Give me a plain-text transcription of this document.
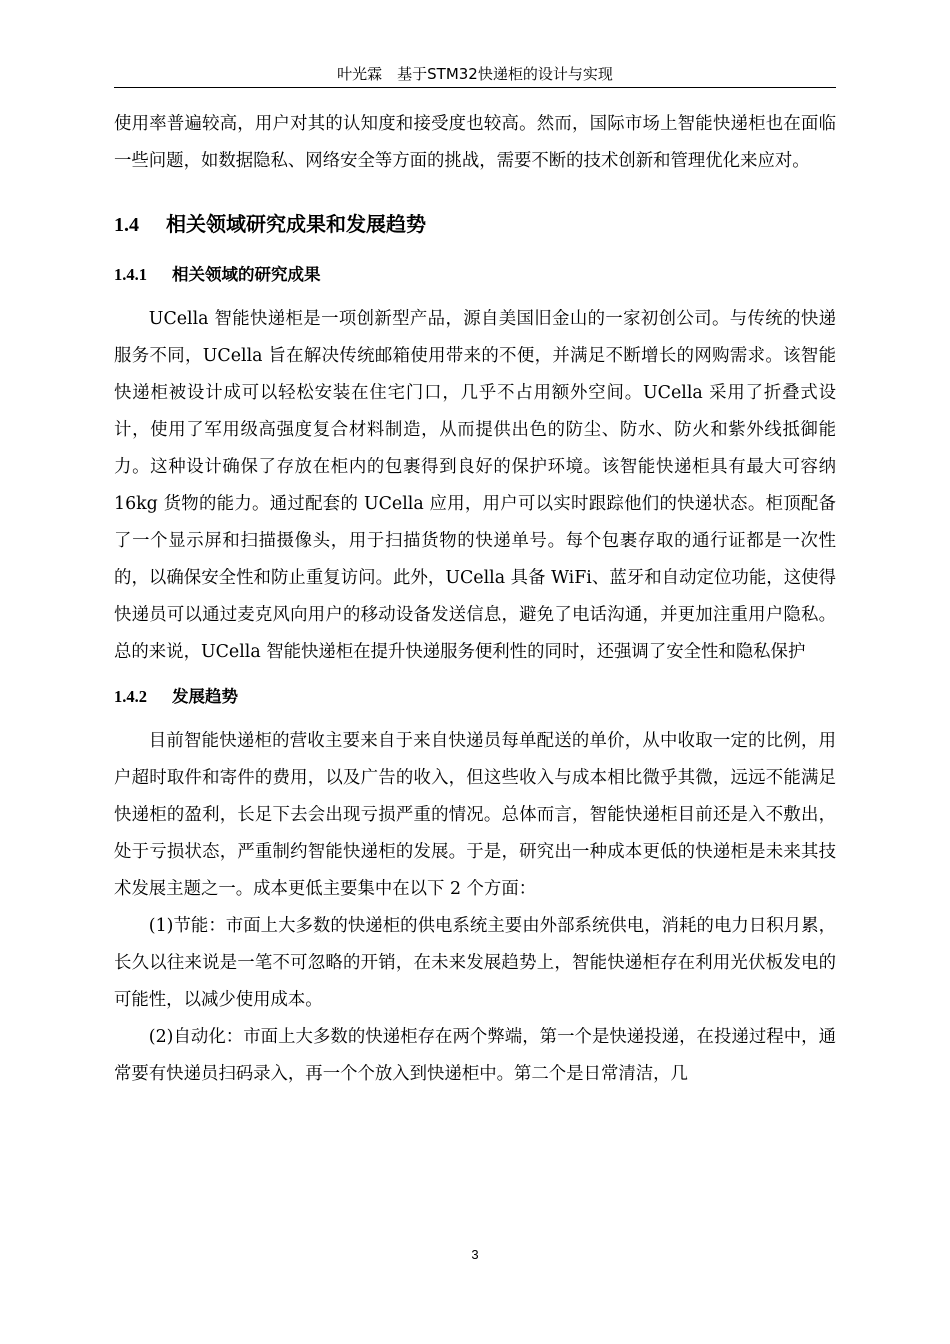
叶光霖　基于STM32快递柜的设计与实现

使用率普遍较高，用户对其的认知度和接受度也较高。然而，国际市场上智能快递柜也在面临一些问题，如数据隐私、网络安全等方面的挑战，需要不断的技术创新和管理优化来应对。

1.4 相关领域研究成果和发展趋势
1.4.1 相关领域的研究成果

UCella 智能快递柜是一项创新型产品，源自美国旧金山的一家初创公司。与传统的快递服务不同，UCella 旨在解决传统邮箱使用带来的不便，并满足不断增长的网购需求。该智能快递柜被设计成可以轻松安装在住宅门口，几乎不占用额外空间。UCella 采用了折叠式设计，使用了军用级高强度复合材料制造，从而提供出色的防尘、防水、防火和紫外线抵御能力。这种设计确保了存放在柜内的包裹得到良好的保护环境。该智能快递柜具有最大可容纳 16kg 货物的能力。通过配套的 UCella 应用，用户可以实时跟踪他们的快递状态。柜顶配备了一个显示屏和扫描摄像头，用于扫描货物的快递单号。每个包裹存取的通行证都是一次性的，以确保安全性和防止重复访问。此外，UCella 具备 WiFi、蓝牙和自动定位功能，这使得快递员可以通过麦克风向用户的移动设备发送信息，避免了电话沟通，并更加注重用户隐私。总的来说，UCella 智能快递柜在提升快递服务便利性的同时，还强调了安全性和隐私保护

1.4.2 发展趋势

目前智能快递柜的营收主要来自于来自快递员每单配送的单价，从中收取一定的比例，用户超时取件和寄件的费用，以及广告的收入，但这些收入与成本相比微乎其微，远远不能满足快递柜的盈利，长足下去会出现亏损严重的情况。总体而言，智能快递柜目前还是入不敷出，处于亏损状态，严重制约智能快递柜的发展。于是，研究出一种成本更低的快递柜是未来其技术发展主题之一。成本更低主要集中在以下 2 个方面：

(1)节能：市面上大多数的快递柜的供电系统主要由外部系统供电，消耗的电力日积月累，长久以往来说是一笔不可忽略的开销，在未来发展趋势上，智能快递柜存在利用光伏板发电的可能性，以减少使用成本。

(2)自动化：市面上大多数的快递柜存在两个弊端，第一个是快递投递，在投递过程中，通常要有快递员扫码录入，再一个个放入到快递柜中。第二个是日常清洁，几

3
